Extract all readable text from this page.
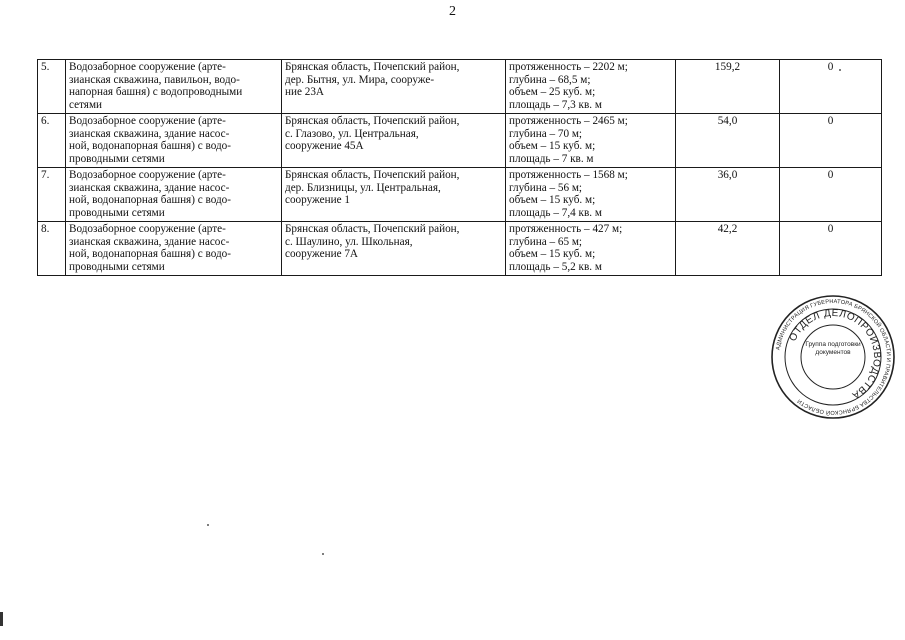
2
5.	Водозаборное сооружение (арте-
зианская скважина, павильон, водо-
напорная башня) с водопроводными
сетями	Брянская область, Почепский район,
дер. Бытня, ул. Мира, сооруже-
ние 23А	протяженность – 2202 м;
глубина – 68,5 м;
объем – 25 куб. м;
площадь – 7,3 кв. м	159,2	0
6.	Водозаборное сооружение (арте-
зианская скважина, здание насос-
ной, водонапорная башня) с водо-
проводными сетями	Брянская область, Почепский район,
с. Глазово, ул. Центральная,
сооружение 45А	протяженность – 2465 м;
глубина – 70 м;
объем – 15 куб. м;
площадь – 7 кв. м	54,0	0
7.	Водозаборное сооружение (арте-
зианская скважина, здание насос-
ной, водонапорная башня) с водо-
проводными сетями	Брянская область, Почепский район,
дер. Близницы, ул. Центральная,
сооружение 1	протяженность – 1568 м;
глубина – 56 м;
объем – 15 куб. м;
площадь – 7,4 кв. м	36,0	0
8.	Водозаборное сооружение (арте-
зианская скважина, здание насос-
ной, водонапорная башня) с водо-
проводными сетями	Брянская область, Почепский район,
с. Шаулино, ул. Школьная,
сооружение 7А	протяженность – 427 м;
глубина – 65 м;
объем – 15 куб. м;
площадь – 5,2 кв. м	42,2	0
АДМИНИСТРАЦИЯ ГУБЕРНАТОРА БРЯНСКОЙ ОБЛАСТИ И ПРАВИТЕЛЬСТВА БРЯНСКОЙ ОБЛАСТИ
ОТДЕЛ ДЕЛОПРОИЗВОДСТВА
Группа подготовки документов
